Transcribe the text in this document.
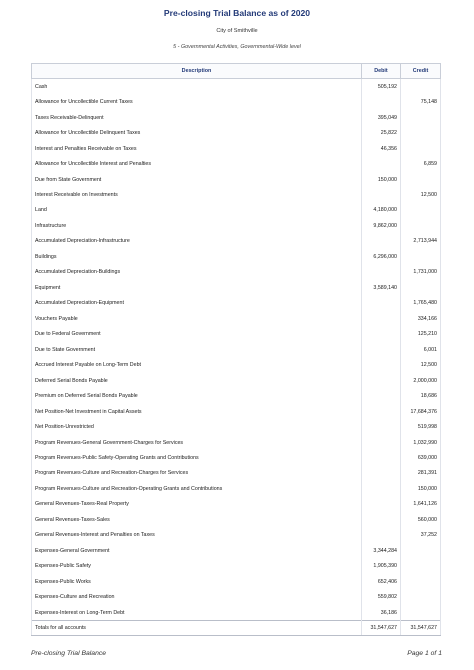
Pre-closing Trial Balance as of 2020
City of Smithville
5 - Governmental Activities, Governmental-Wide level
Description	Debit	Credit
Cash	505,192	
Allowance for Uncollectible Current Taxes		75,148
Taxes Receivable-Delinquent	395,049	
Allowance for Uncollectible Delinquent Taxes	25,822	
Interest and Penalties Receivable on Taxes	46,356	
Allowance for Uncollectible Interest and Penalties		6,859
Due from State Government	150,000	
Interest Receivable on Investments		12,500
Land	4,180,000	
Infrastructure	9,862,000	
Accumulated Depreciation-Infrastructure		2,713,944
Buildings	6,296,000	
Accumulated Depreciation-Buildings		1,731,000
Equipment	3,589,140	
Accumulated Depreciation-Equipment		1,765,480
Vouchers Payable		334,166
Due to Federal Government		125,210
Due to State Government		6,001
Accrued Interest Payable on Long-Term Debt		12,500
Deferred Serial Bonds Payable		2,000,000
Premium on Deferred Serial Bonds Payable		18,686
Net Position-Net Investment in Capital Assets		17,684,376
Net Position-Unrestricted		519,998
Program Revenues-General Government-Charges for Services		1,032,990
Program Revenues-Public Safety-Operating Grants and Contributions		639,000
Program Revenues-Culture and Recreation-Charges for Services		281,391
Program Revenues-Culture and Recreation-Operating Grants and Contributions		150,000
General Revenues-Taxes-Real Property		1,641,126
General Revenues-Taxes-Sales		560,000
General Revenues-Interest and Penalties on Taxes		37,252
Expenses-General Government	3,344,284	
Expenses-Public Safety	1,905,390	
Expenses-Public Works	652,406	
Expenses-Culture and Recreation	559,802	
Expenses-Interest on Long-Term Debt	36,186	
Totals for all accounts	31,547,627	31,547,627
Pre-closing Trial Balance	Page 1 of 1
